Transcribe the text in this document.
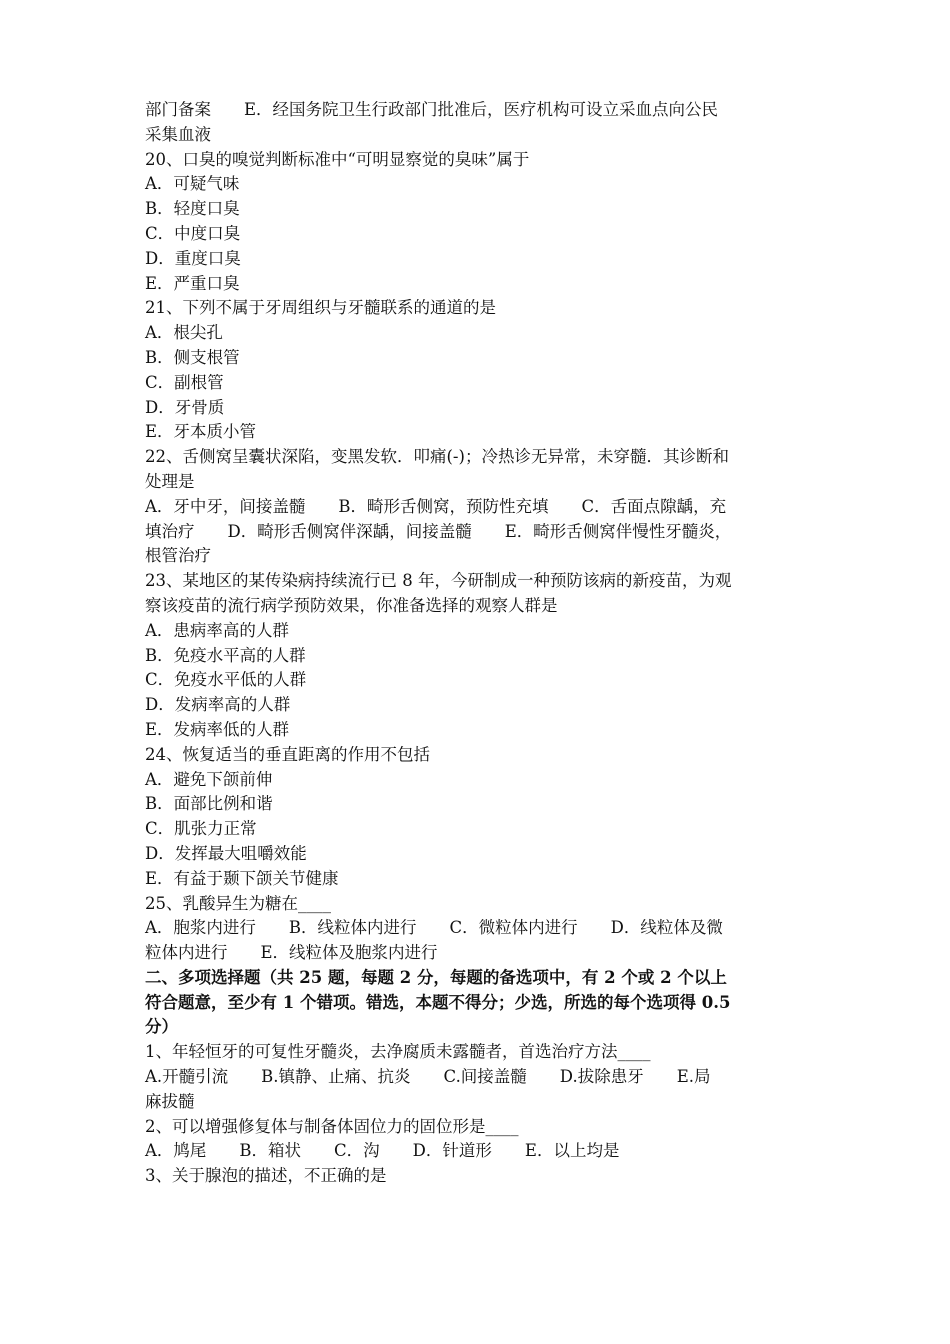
部门备案　　E．经国务院卫生行政部门批准后，医疗机构可设立采血点向公民
采集血液
20、口臭的嗅觉判断标准中“可明显察觉的臭味”属于
A．可疑气味
B．轻度口臭
C．中度口臭
D．重度口臭
E．严重口臭
21、下列不属于牙周组织与牙髓联系的通道的是
A．根尖孔
B．侧支根管
C．副根管
D．牙骨质
E．牙本质小管
22、舌侧窝呈囊状深陷，变黑发软．叩痛(-)；冷热诊无异常，未穿髓．其诊断和
处理是
A．牙中牙，间接盖髓　　B．畸形舌侧窝，预防性充填　　C．舌面点隙龋，充
填治疗　　D．畸形舌侧窝伴深龋，间接盖髓　　E．畸形舌侧窝伴慢性牙髓炎，
根管治疗
23、某地区的某传染病持续流行已 8 年，今研制成一种预防该病的新疫苗，为观
察该疫苗的流行病学预防效果，你准备选择的观察人群是
A．患病率高的人群
B．免疫水平高的人群
C．免疫水平低的人群
D．发病率高的人群
E．发病率低的人群
24、恢复适当的垂直距离的作用不包括
A．避免下颌前伸
B．面部比例和谐
C．肌张力正常
D．发挥最大咀嚼效能
E．有益于颞下颌关节健康
25、乳酸异生为糖在____
A．胞浆内进行　　B．线粒体内进行　　C．微粒体内进行　　D．线粒体及微
粒体内进行　　E．线粒体及胞浆内进行
二、多项选择题（共 25 题，每题 2 分，每题的备选项中，有 2 个或 2 个以上
符合题意，至少有 1 个错项。错选，本题不得分；少选，所选的每个选项得 0.5
分）
1、年轻恒牙的可复性牙髓炎，去净腐质未露髓者，首选治疗方法____
A.开髓引流　　B.镇静、止痛、抗炎　　C.间接盖髓　　D.拔除患牙　　E.局
麻拔髓
2、可以增强修复体与制备体固位力的固位形是____
A．鸠尾　　B．箱状　　C．沟　　D．针道形　　E．以上均是
3、关于腺泡的描述，不正确的是
